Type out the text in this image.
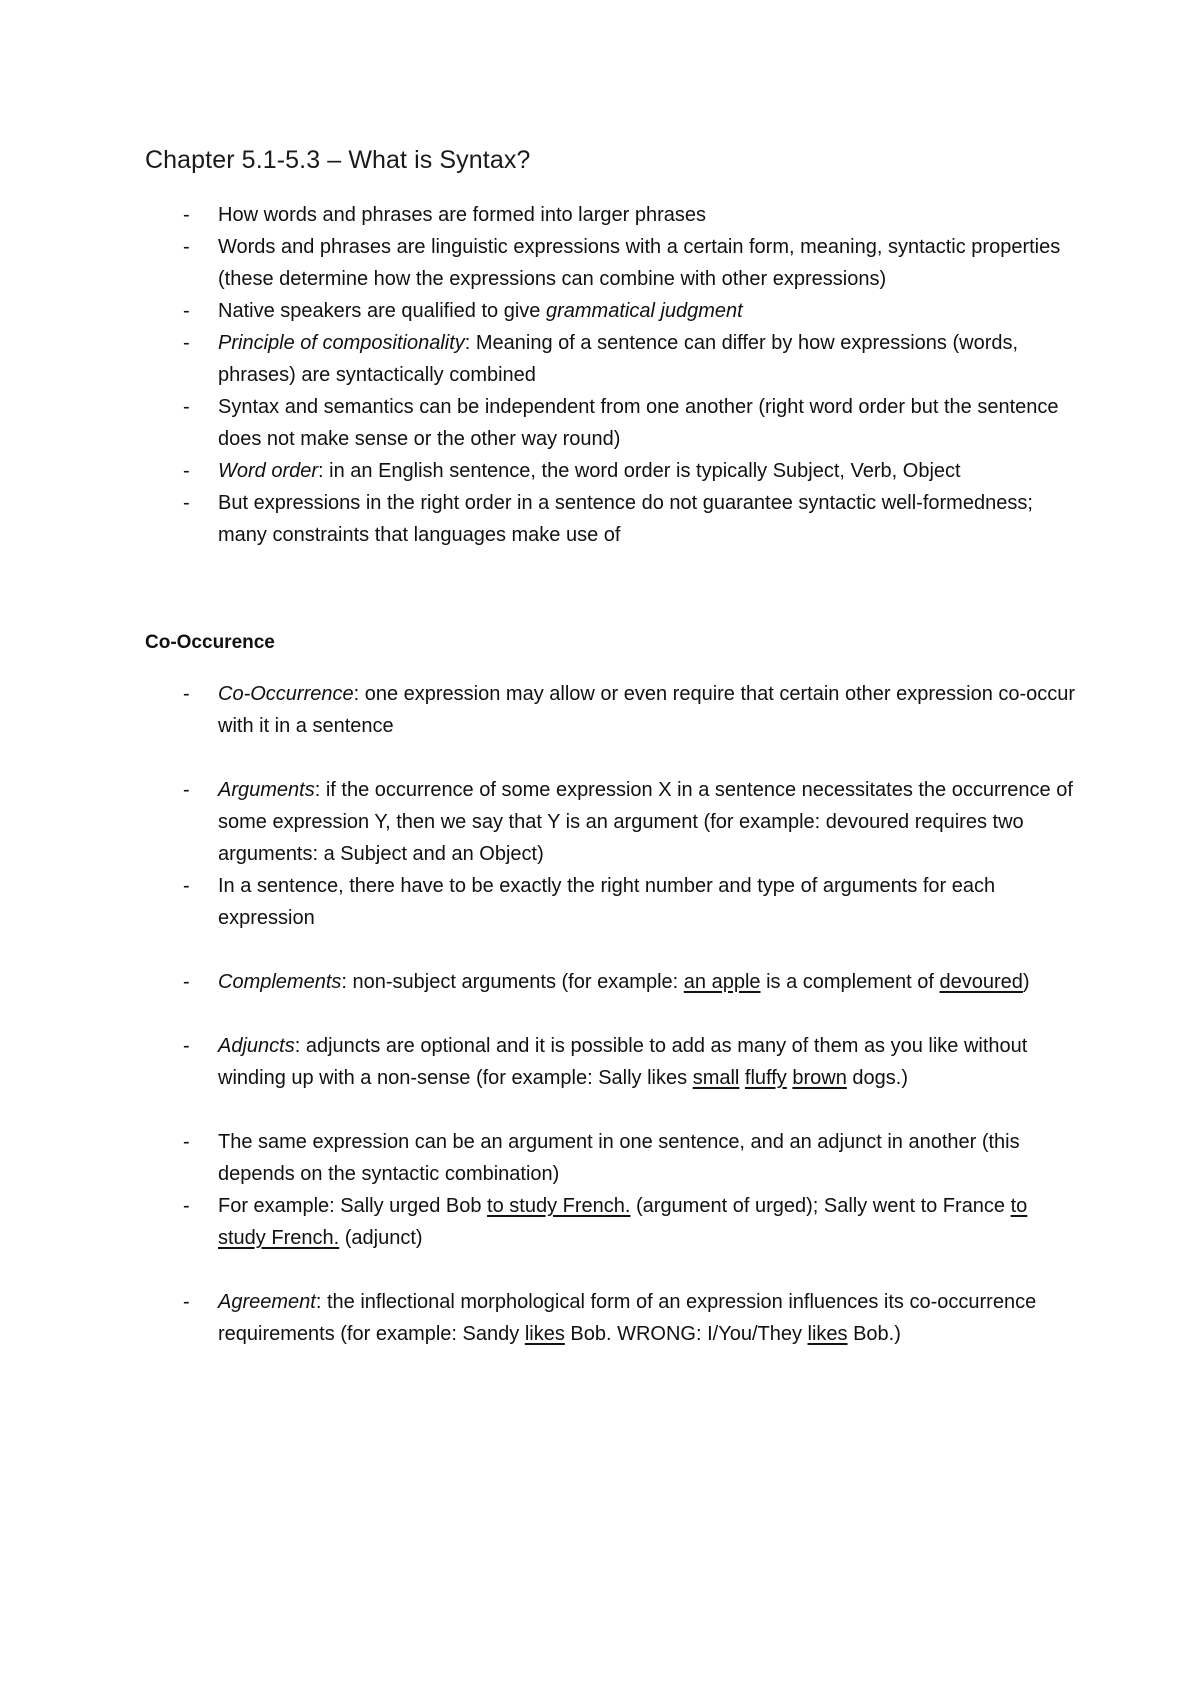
Chapter 5.1-5.3 – What is Syntax?
- How words and phrases are formed into larger phrases
- Words and phrases are linguistic expressions with a certain form, meaning, syntactic properties (these determine how the expressions can combine with other expressions)
- Native speakers are qualified to give grammatical judgment
- Principle of compositionality: Meaning of a sentence can differ by how expressions (words, phrases) are syntactically combined
- Syntax and semantics can be independent from one another (right word order but the sentence does not make sense or the other way round)
- Word order: in an English sentence, the word order is typically Subject, Verb, Object
- But expressions in the right order in a sentence do not guarantee syntactic well-formedness; many constraints that languages make use of
Co-Occurence
- Co-Occurrence: one expression may allow or even require that certain other expression co-occur with it in a sentence
- Arguments: if the occurrence of some expression X in a sentence necessitates the occurrence of some expression Y, then we say that Y is an argument (for example: devoured requires two arguments: a Subject and an Object)
- In a sentence, there have to be exactly the right number and type of arguments for each expression
- Complements: non-subject arguments (for example: an apple is a complement of devoured)
- Adjuncts: adjuncts are optional and it is possible to add as many of them as you like without winding up with a non-sense (for example: Sally likes small fluffy brown dogs.)
- The same expression can be an argument in one sentence, and an adjunct in another (this depends on the syntactic combination)
- For example: Sally urged Bob to study French. (argument of urged); Sally went to France to study French. (adjunct)
- Agreement: the inflectional morphological form of an expression influences its co-occurrence requirements (for example: Sandy likes Bob. WRONG: I/You/They likes Bob.)
